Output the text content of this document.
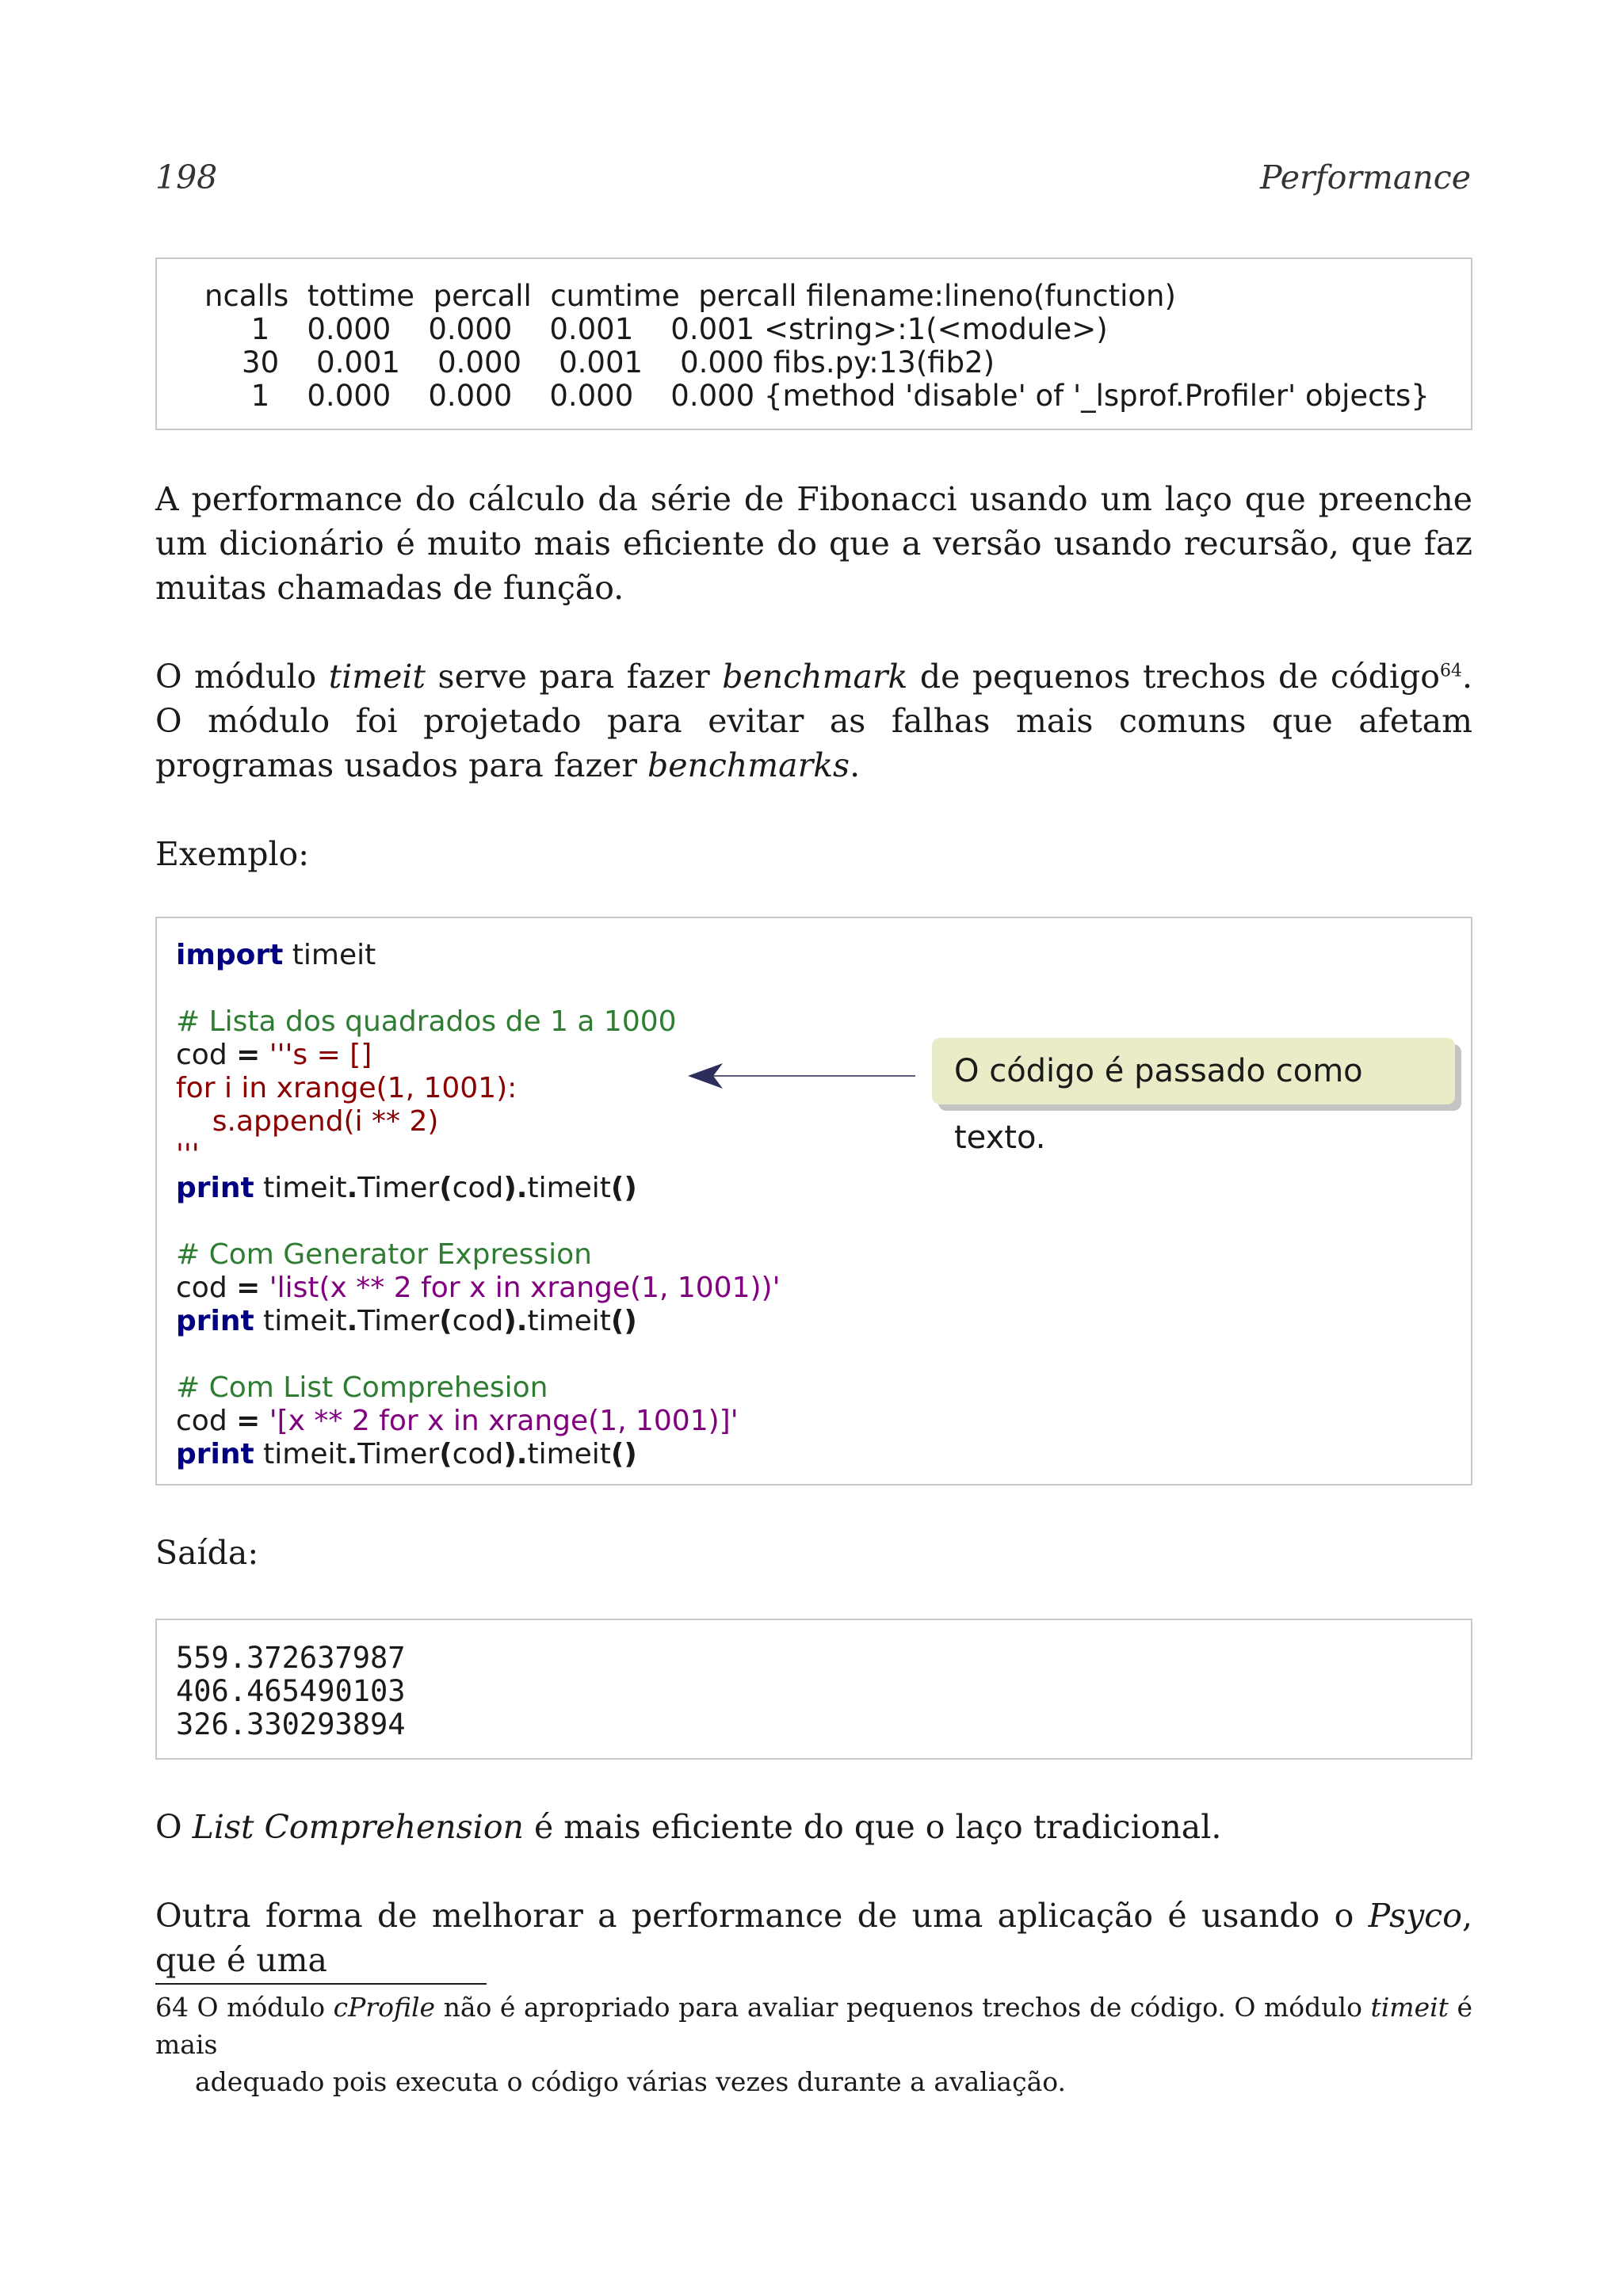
198	Performance
ncalls  tottime  percall  cumtime  percall filename:lineno(function)
1    0.000    0.000    0.001    0.001 <string>:1(<module>)
30    0.001    0.000    0.001    0.000 fibs.py:13(fib2)
1    0.000    0.000    0.000    0.000 {method 'disable' of '_lsprof.Profiler' objects}
A performance do cálculo da série de Fibonacci usando um laço que preenche um dicionário é muito mais eficiente do que a versão usando recursão, que faz muitas chamadas de função.
O módulo timeit serve para fazer benchmark de pequenos trechos de código$^{64}$. O módulo foi projetado para evitar as falhas mais comuns que afetam programas usados para fazer benchmarks.
Exemplo:
import timeit
# Lista dos quadrados de 1 a 1000
cod = '''s = []
for i in xrange(1, 1001):
s.append(i ** 2)
'''
print timeit.Timer(cod).timeit()
# Com Generator Expression
cod = 'list(x ** 2 for x in xrange(1, 1001))'
print timeit.Timer(cod).timeit()
# Com List Comprehesion
cod = '[x ** 2 for x in xrange(1, 1001)]'
print timeit.Timer(cod).timeit()
O código é passado como texto.
Saída:
559.372637987
406.465490103
326.330293894
O List Comprehension é mais eficiente do que o laço tradicional.
Outra forma de melhorar a performance de uma aplicação é usando o Psyco, que é uma
64 O módulo cProfile não é apropriado para avaliar pequenos trechos de código. O módulo timeit é mais
adequado pois executa o código várias vezes durante a avaliação.
